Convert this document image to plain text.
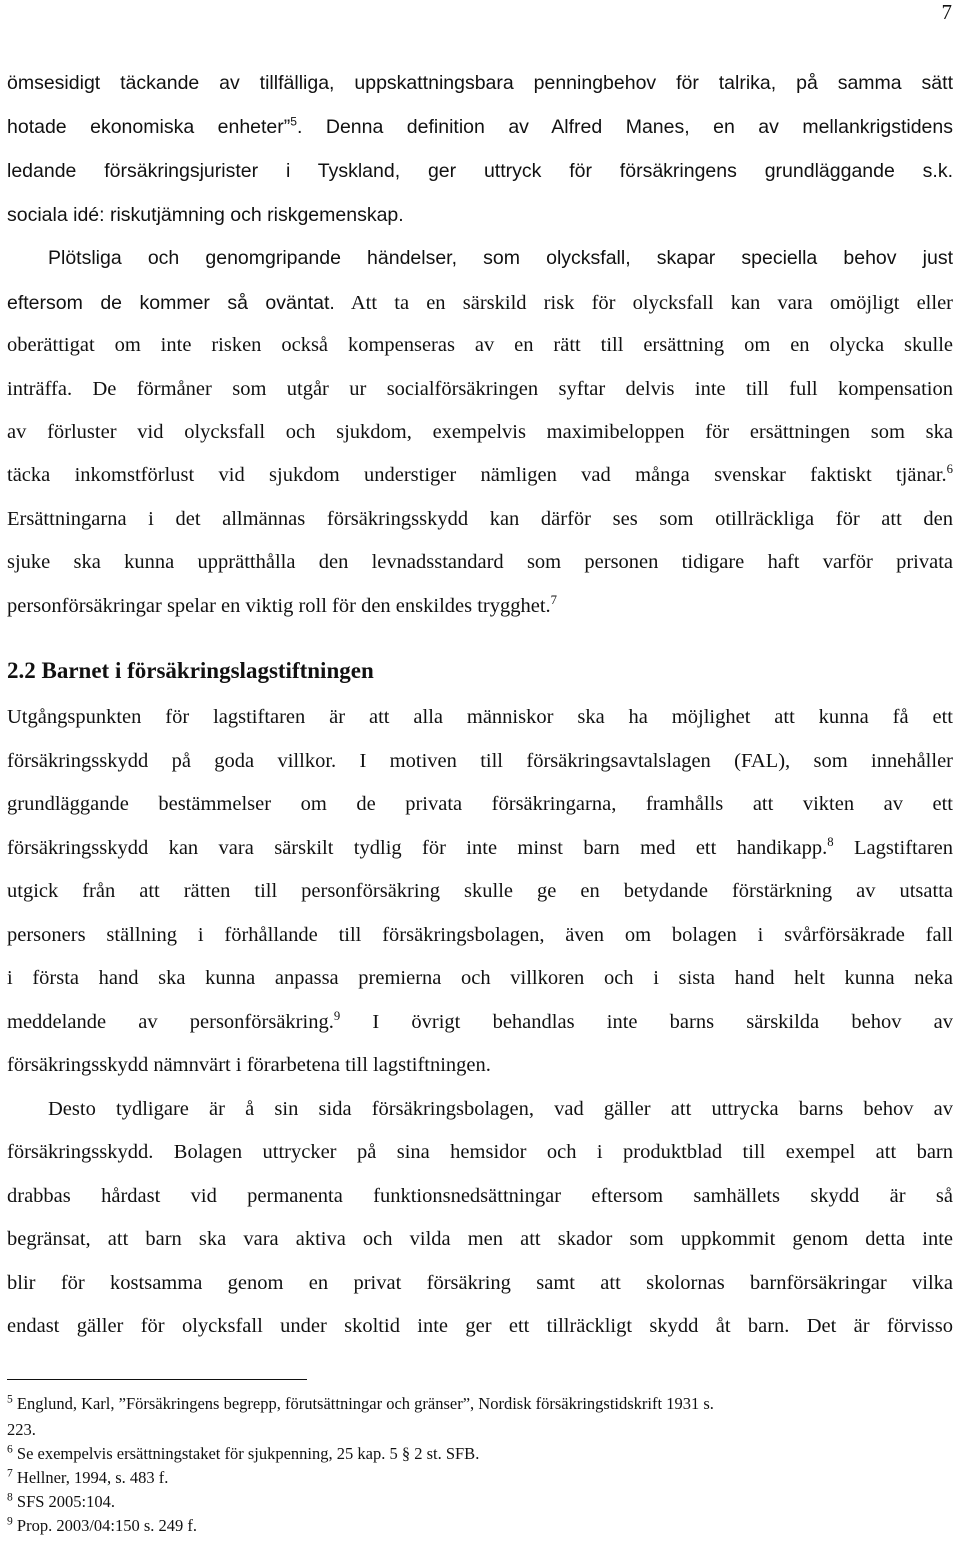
7
ömsesidigt täckande av tillfälliga, uppskattningsbara penningbehov för talrika, på samma sätt
hotade ekonomiska enheter”$^5$. Denna definition av Alfred Manes, en av mellankrigstidens
ledande försäkringsjurister i Tyskland, ger uttryck för försäkringens grundläggande s.k.
sociala idé: riskutjämning och riskgemenskap.
Plötsliga och genomgripande händelser, som olycksfall, skapar speciella behov just
eftersom de kommer så oväntat. Att ta en särskild risk för olycksfall kan vara omöjligt eller
oberättigat om inte risken också kompenseras av en rätt till ersättning om en olycka skulle
inträffa. De förmåner som utgår ur socialförsäkringen syftar delvis inte till full kompensation
av förluster vid olycksfall och sjukdom, exempelvis maximibeloppen för ersättningen som ska
täcka inkomstförlust vid sjukdom understiger nämligen vad många svenskar faktiskt tjänar.$^6$
Ersättningarna i det allmännas försäkringsskydd kan därför ses som otillräckliga för att den
sjuke ska kunna upprätthålla den levnadsstandard som personen tidigare haft varför privata
personförsäkringar spelar en viktig roll för den enskildes trygghet.$^7$
2.2 Barnet i försäkringslagstiftningen
Utgångspunkten för lagstiftaren är att alla människor ska ha möjlighet att kunna få ett
försäkringsskydd på goda villkor. I motiven till försäkringsavtalslagen (FAL), som innehåller
grundläggande bestämmelser om de privata försäkringarna, framhålls att vikten av ett
försäkringsskydd kan vara särskilt tydlig för inte minst barn med ett handikapp.$^8$ Lagstiftaren
utgick från att rätten till personförsäkring skulle ge en betydande förstärkning av utsatta
personers ställning i förhållande till försäkringsbolagen, även om bolagen i svårförsäkrade fall
i första hand ska kunna anpassa premierna och villkoren och i sista hand helt kunna neka
meddelande av personförsäkring.$^9$ I övrigt behandlas inte barns särskilda behov av
försäkringsskydd nämnvärt i förarbetena till lagstiftningen.
Desto tydligare är å sin sida försäkringsbolagen, vad gäller att uttrycka barns behov av
försäkringsskydd. Bolagen uttrycker på sina hemsidor och i produktblad till exempel att barn
drabbas hårdast vid permanenta funktionsnedsättningar eftersom samhällets skydd är så
begränsat, att barn ska vara aktiva och vilda men att skador som uppkommit genom detta inte
blir för kostsamma genom en privat försäkring samt att skolornas barnförsäkringar vilka
endast gäller för olycksfall under skoltid inte ger ett tillräckligt skydd åt barn. Det är förvisso
$^5$ Englund, Karl, ”Försäkringens begrepp, förutsättningar och gränser”, Nordisk försäkringstidskrift 1931 s.
223.
$^6$ Se exempelvis ersättningstaket för sjukpenning, 25 kap. 5 § 2 st. SFB.
$^7$ Hellner, 1994, s. 483 f.
$^8$ SFS 2005:104.
$^9$ Prop. 2003/04:150 s. 249 f.
